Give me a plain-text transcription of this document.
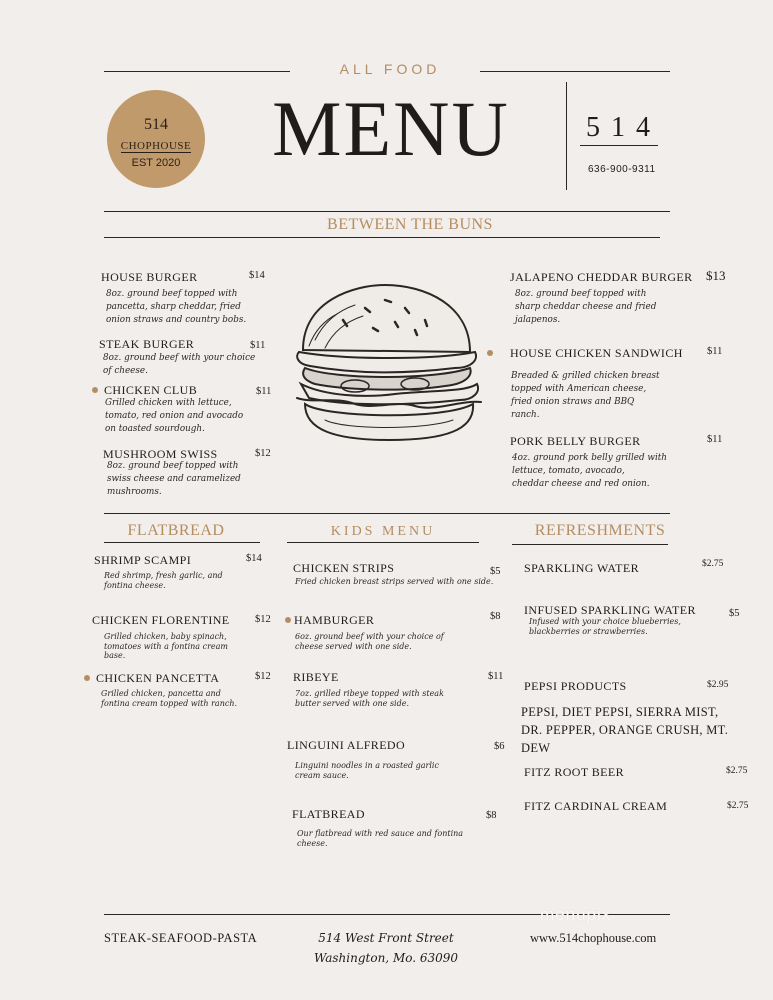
ALL FOOD
514
CHOPHOUSE
EST 2020	MENU	514
636-900-9311
BETWEEN THE BUNS
HOUSE BURGER	$14
8oz. ground beef topped with
pancetta, sharp cheddar, fried
onion straws and country bobs.
STEAK BURGER	$11
8oz. ground beef with your choice
of cheese.
CHICKEN CLUB	$11
Grilled chicken with lettuce,
tomato, red onion and avocado
on toasted sourdough.
MUSHROOM SWISS	$12
8oz. ground beef topped with
swiss cheese and caramelized
mushrooms.
JALAPENO CHEDDAR BURGER $13
8oz. ground beef topped with
sharp cheddar cheese and fried
jalapenos.
HOUSE CHICKEN SANDWICH $11
Breaded & grilled chicken breast
topped with American cheese,
fried onion straws and BBQ
ranch.
PORK BELLY BURGER	$11
4oz. ground pork belly grilled with
lettuce, tomato, avocado,
cheddar cheese and red onion.
FLATBREAD
SHRIMP SCAMPI	$14
Red shrimp, fresh garlic, and
fontina cheese.
CHICKEN FLORENTINE $12
Grilled chicken, baby spinach,
tomatoes with a fontina cream
base.
CHICKEN PANCETTA	$12
Grilled chicken, pancetta and
fontina cream topped with ranch.
KIDS MENU
CHICKEN STRIPS	$5
Fried chicken breast strips served with one side.
HAMBURGER	$8
6oz. ground beef with your choice of
cheese served with one side.
RIBEYE	$11
7oz. grilled ribeye topped with steak
butter served with one side.
LINGUINI ALFREDO	$6
Linguini noodles in a roasted garlic
cream sauce.
FLATBREAD	$8
Our flatbread with red sauce and fontina
cheese.
REFRESHMENTS
SPARKLING WATER	$2.75
INFUSED SPARKLING WATER	$5
Infused with your choice blueberries,
blackberries or strawberries.
PEPSI PRODUCTS	$2.95
PEPSI, DIET PEPSI, SIERRA MIST,
DR. PEPPER, ORANGE CRUSH, MT.
DEW
FITZ ROOT BEER	$2.75
FITZ CARDINAL CREAM	$2.75
menupix
STEAK-SEAFOOD-PASTA	514 West Front Street
Washington, Mo. 63090
www.514chophouse.com
